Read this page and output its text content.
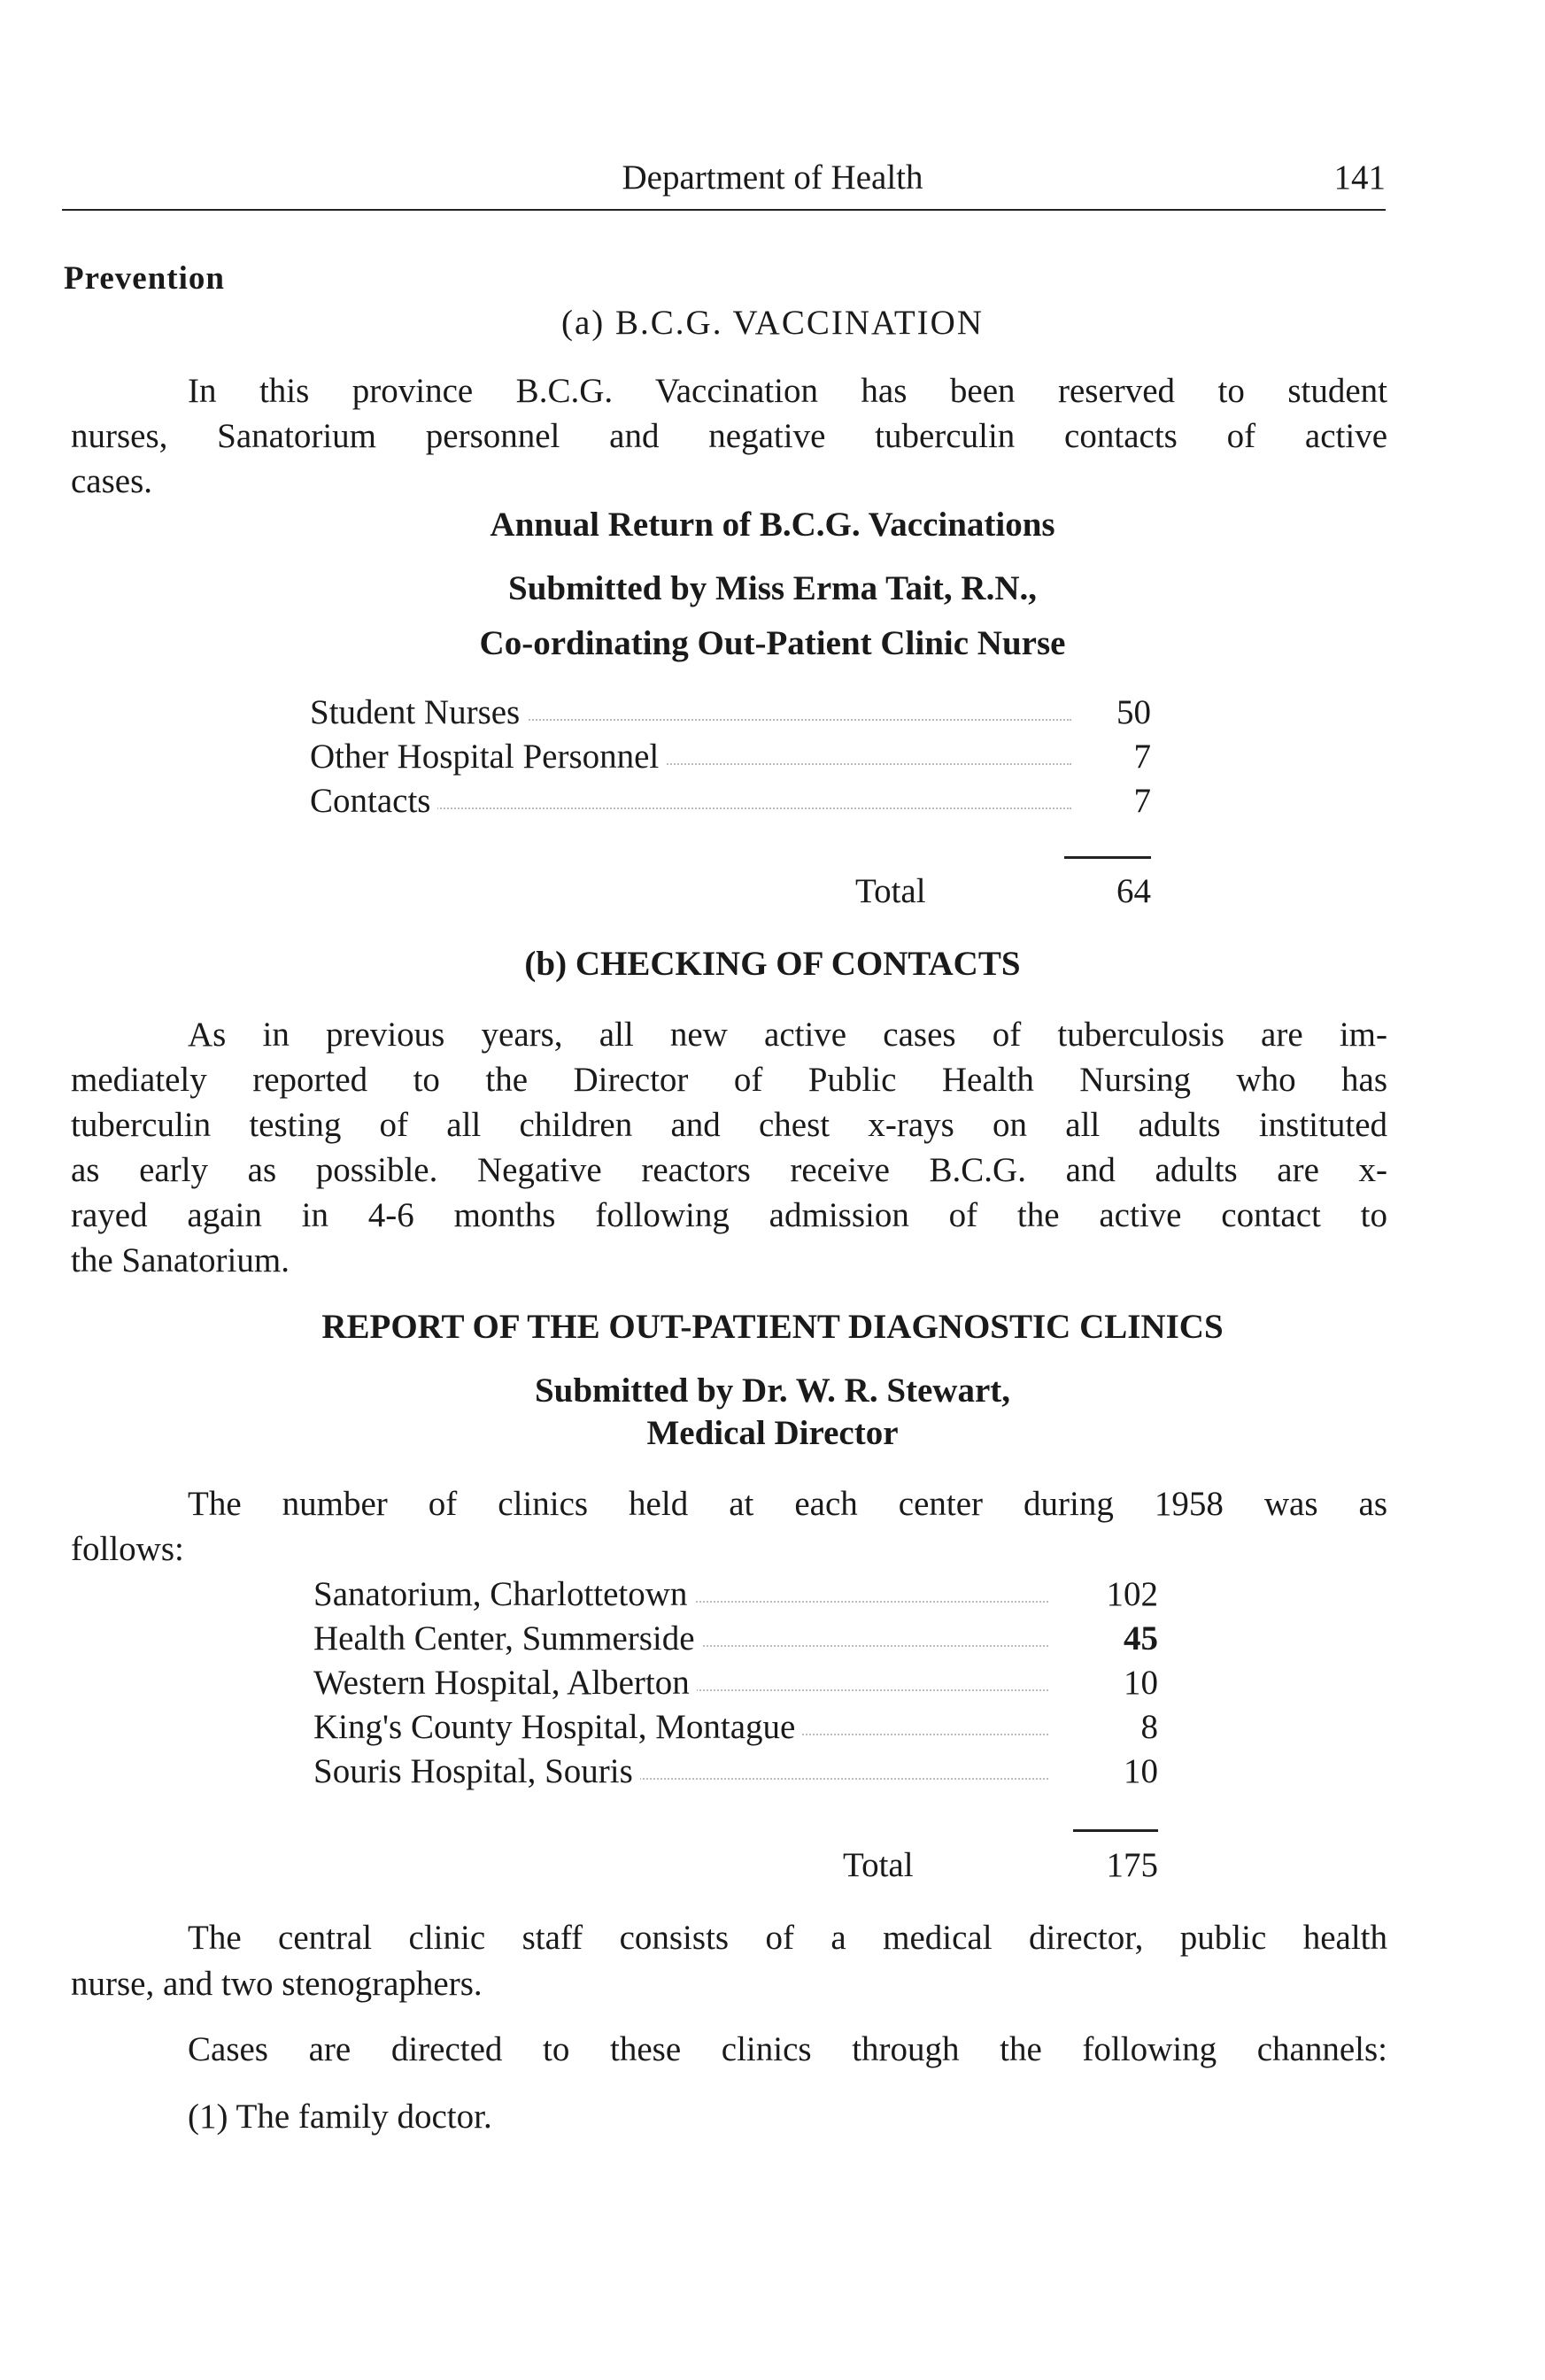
Department of Health	141
Prevention
(a) B.C.G. VACCINATION
In this province B.C.G. Vaccination has been reserved to student
nurses, Sanatorium personnel and negative tuberculin contacts of active
cases.
Annual Return of B.C.G. Vaccinations
Submitted by Miss Erma Tait, R.N.,
Co-ordinating Out-Patient Clinic Nurse
Student Nurses	50
Other Hospital Personnel	7
Contacts	7
Total	64
(b) CHECKING OF CONTACTS
As in previous years, all new active cases of tuberculosis are im-
mediately reported to the Director of Public Health Nursing who has
tuberculin testing of all children and chest x-rays on all adults instituted
as early as possible. Negative reactors receive B.C.G. and adults are x-
rayed again in 4-6 months following admission of the active contact to
the Sanatorium.
REPORT OF THE OUT-PATIENT DIAGNOSTIC CLINICS
Submitted by Dr. W. R. Stewart,
Medical Director
The number of clinics held at each center during 1958 was as
follows:
Sanatorium, Charlottetown	102
Health Center, Summerside	45
Western Hospital, Alberton	10
King's County Hospital, Montague	8
Souris Hospital, Souris	10
Total	175
The central clinic staff consists of a medical director, public health
nurse, and two stenographers.
Cases are directed to these clinics through the following channels:
(1) The family doctor.
